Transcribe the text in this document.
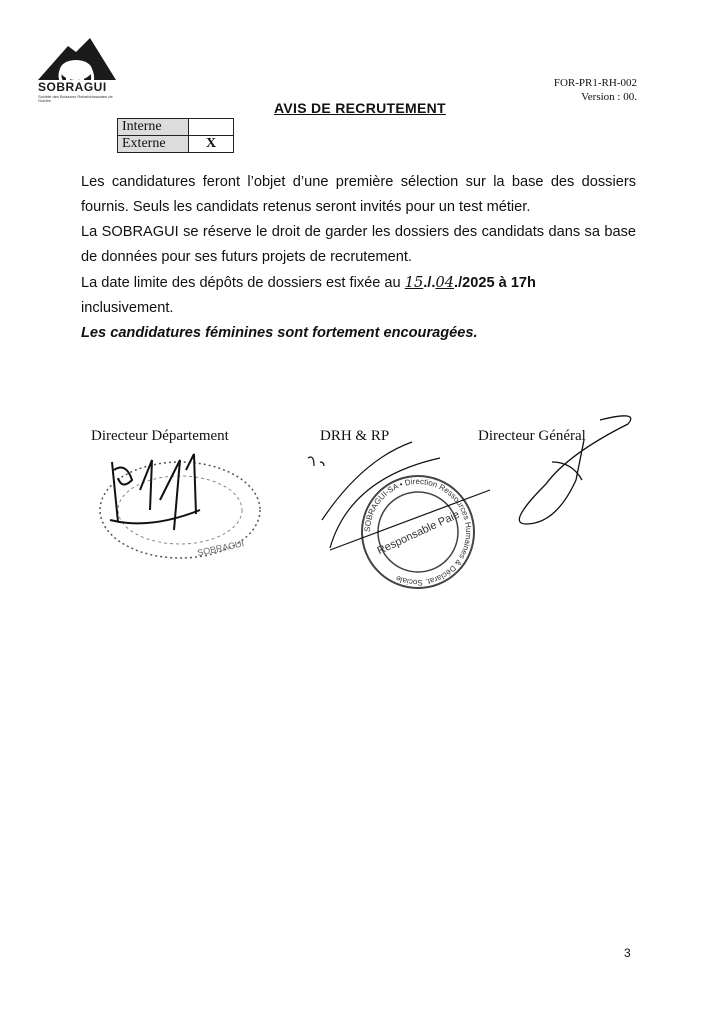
SOBRAGUI
Société des Boissons Rafraîchissantes de Guinée
FOR-PR1-RH-002
Version : 00.
AVIS DE RECRUTEMENT
Interne	
Externe	X

Les candidatures feront l’objet d’une première sélection sur la base des dossiers fournis. Seuls les candidats retenus seront invités pour un test métier.

La SOBRAGUI se réserve le droit de garder les dossiers des candidats dans sa base de données pour ses futurs projets de recrutement.

La date limite des dépôts de dossiers est fixée au 15./.04./2025 à 17h
inclusivement.

Les candidatures féminines sont fortement encouragées.

Directeur Département	DRH & RP	Directeur Général
SOBRAGUI
SOBRAGUI-SA • Direction Ressources Humaines & Déclarat. Sociale
Responsable Paie
3
